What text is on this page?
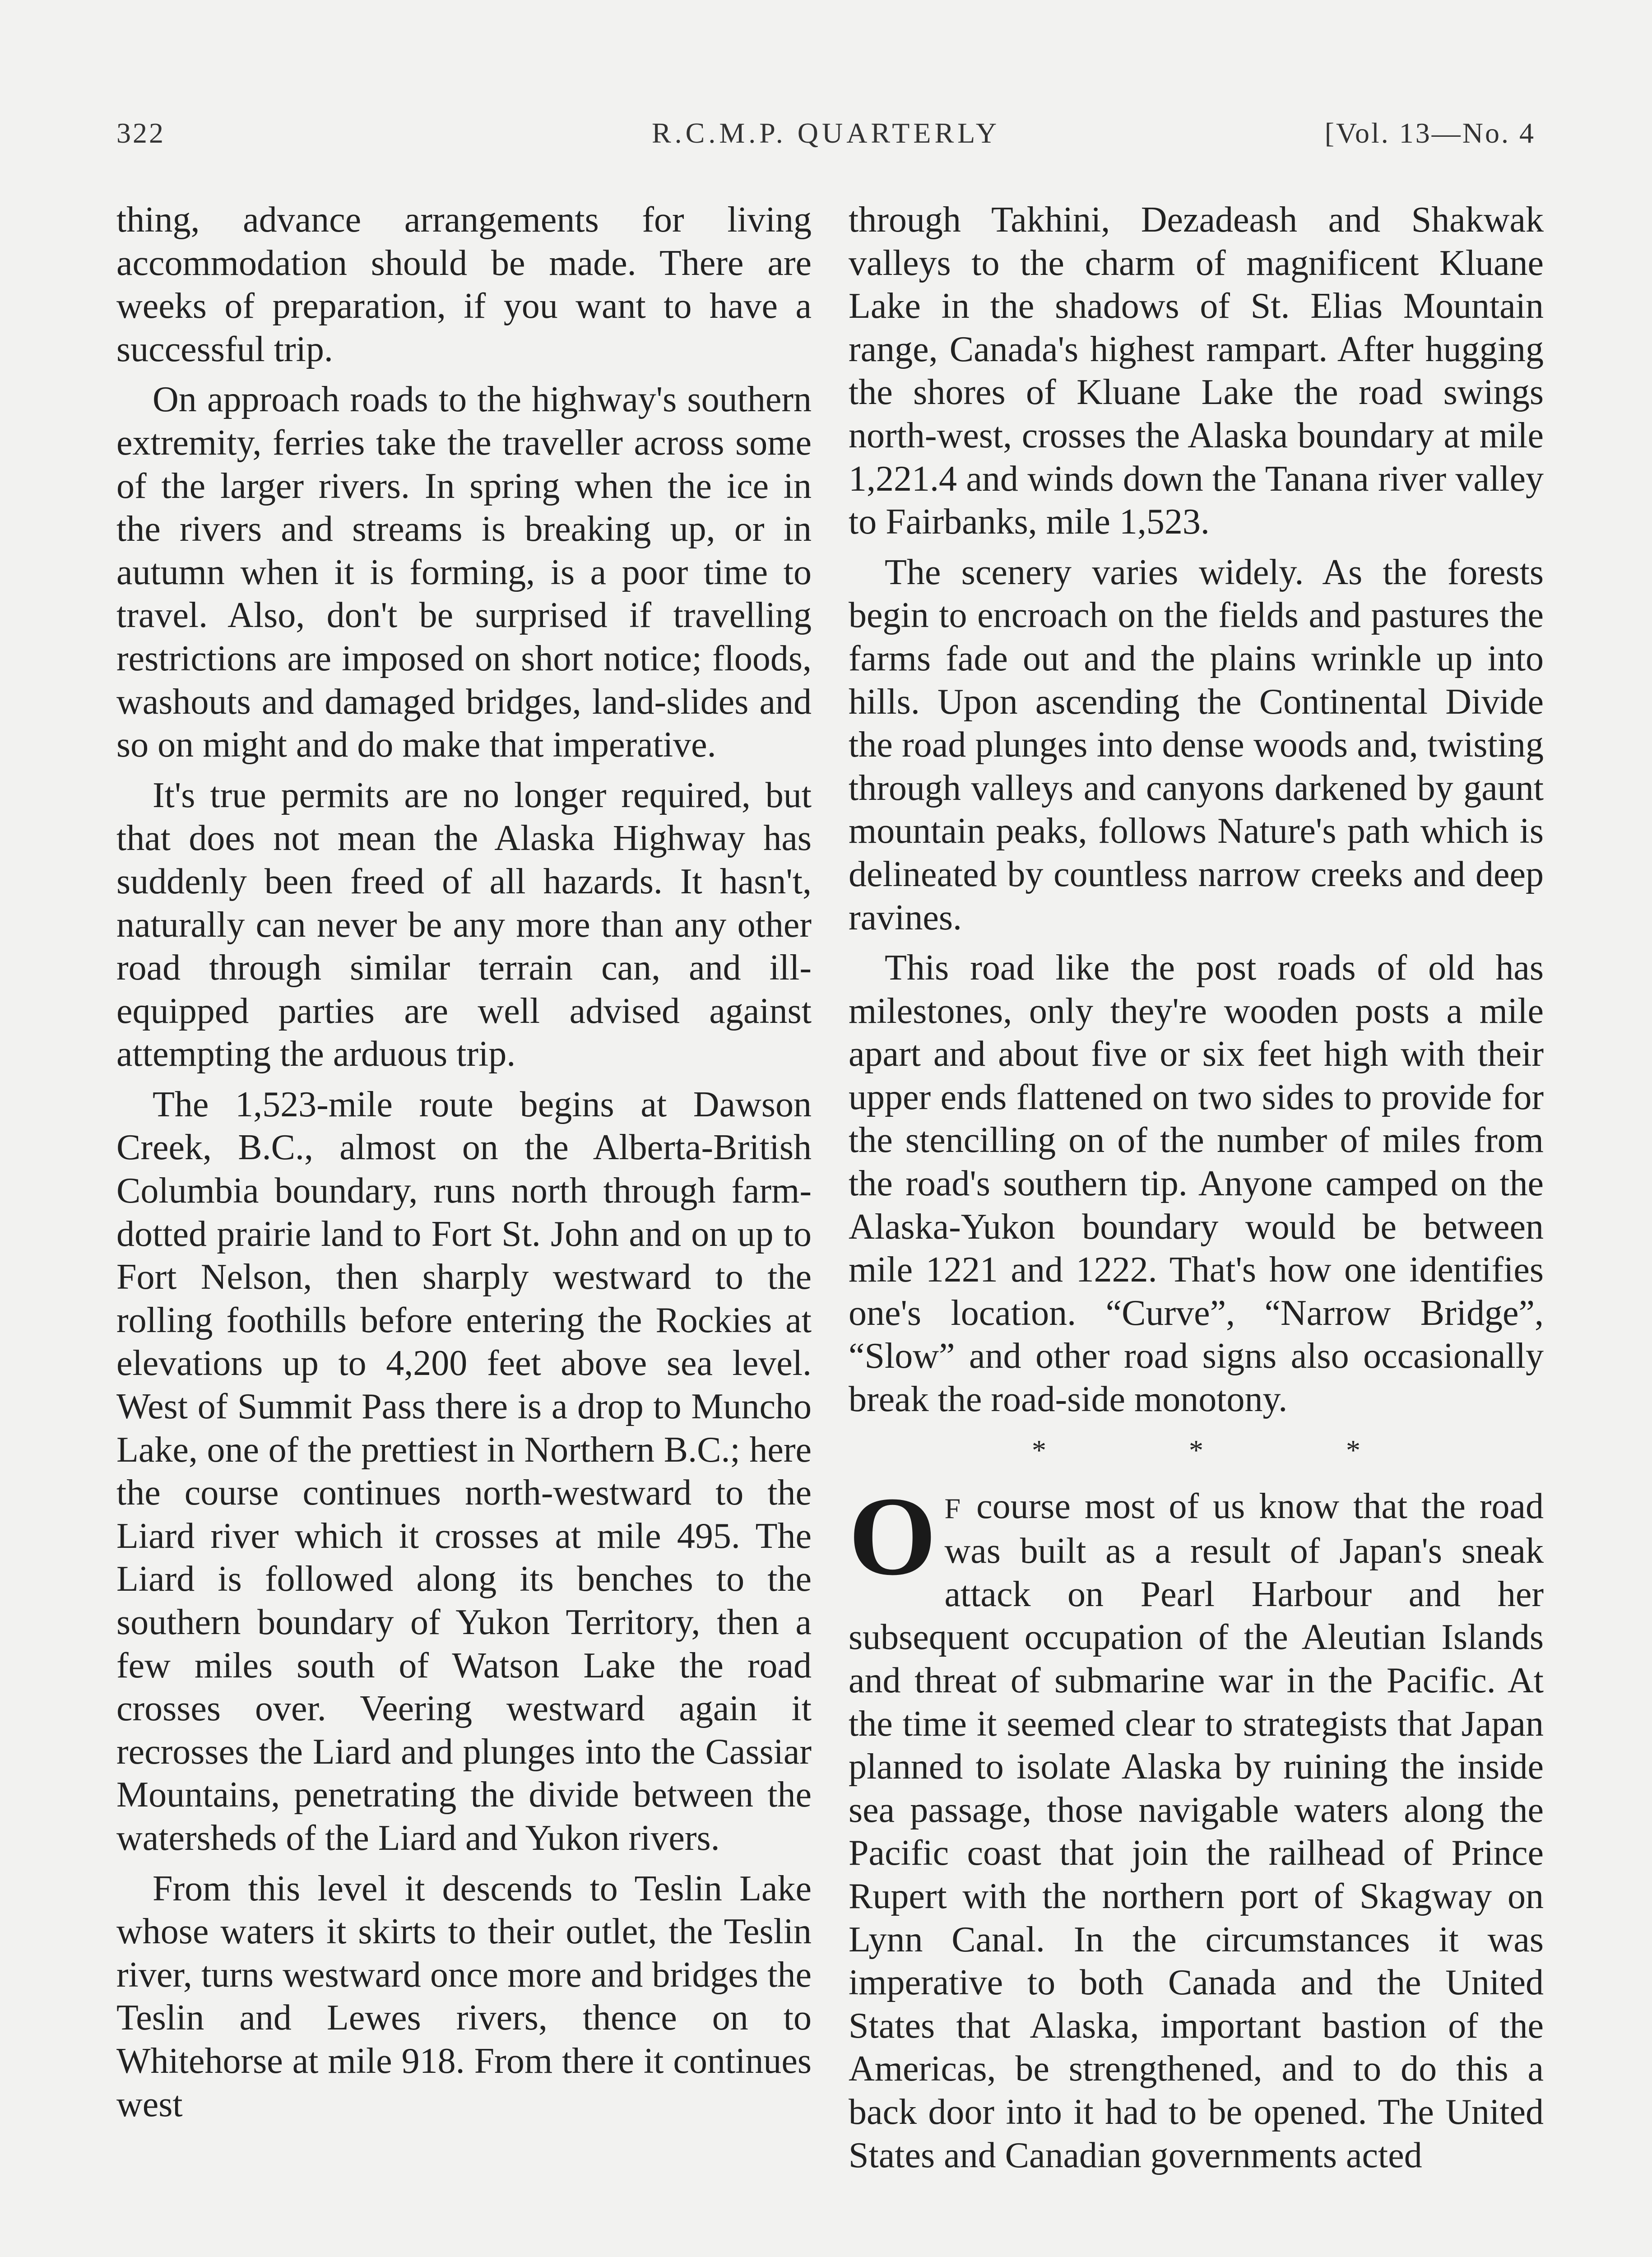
322	R.C.M.P. QUARTERLY	[Vol. 13—No. 4

thing, advance arrangements for living accommodation should be made. There are weeks of preparation, if you want to have a successful trip.

On approach roads to the highway's southern extremity, ferries take the traveller across some of the larger rivers. In spring when the ice in the rivers and streams is breaking up, or in autumn when it is forming, is a poor time to travel. Also, don't be surprised if travelling restrictions are imposed on short notice; floods, washouts and damaged bridges, land-slides and so on might and do make that imperative.

It's true permits are no longer required, but that does not mean the Alaska Highway has suddenly been freed of all hazards. It hasn't, naturally can never be any more than any other road through similar terrain can, and ill-equipped parties are well advised against attempting the arduous trip.

The 1,523-mile route begins at Dawson Creek, B.C., almost on the Alberta-British Columbia boundary, runs north through farm-dotted prairie land to Fort St. John and on up to Fort Nelson, then sharply westward to the rolling foothills before entering the Rockies at elevations up to 4,200 feet above sea level. West of Summit Pass there is a drop to Muncho Lake, one of the prettiest in Northern B.C.; here the course continues north-westward to the Liard river which it crosses at mile 495. The Liard is followed along its benches to the southern boundary of Yukon Territory, then a few miles south of Watson Lake the road crosses over. Veering westward again it recrosses the Liard and plunges into the Cassiar Mountains, penetrating the divide between the watersheds of the Liard and Yukon rivers.

From this level it descends to Teslin Lake whose waters it skirts to their outlet, the Teslin river, turns westward once more and bridges the Teslin and Lewes rivers, thence on to Whitehorse at mile 918. From there it continues west

through Takhini, Dezadeash and Shakwak valleys to the charm of magnificent Kluane Lake in the shadows of St. Elias Mountain range, Canada's highest rampart. After hugging the shores of Kluane Lake the road swings north-west, crosses the Alaska boundary at mile 1,221.4 and winds down the Tanana river valley to Fairbanks, mile 1,523.

The scenery varies widely. As the forests begin to encroach on the fields and pastures the farms fade out and the plains wrinkle up into hills. Upon ascending the Continental Divide the road plunges into dense woods and, twisting through valleys and canyons darkened by gaunt mountain peaks, follows Nature's path which is delineated by countless narrow creeks and deep ravines.

This road like the post roads of old has milestones, only they're wooden posts a mile apart and about five or six feet high with their upper ends flattened on two sides to provide for the stencilling on of the number of miles from the road's southern tip. Anyone camped on the Alaska-Yukon boundary would be between mile 1221 and 1222. That's how one identifies one's location. “Curve”, “Narrow Bridge”, “Slow” and other road signs also occasionally break the road-side monotony.

* * *

O F course most of us know that the road was built as a result of Japan's sneak attack on Pearl Harbour and her subsequent occupation of the Aleutian Islands and threat of submarine war in the Pacific. At the time it seemed clear to strategists that Japan planned to isolate Alaska by ruining the inside sea passage, those navigable waters along the Pacific coast that join the railhead of Prince Rupert with the northern port of Skagway on Lynn Canal. In the circumstances it was imperative to both Canada and the United States that Alaska, important bastion of the Americas, be strengthened, and to do this a back door into it had to be opened. The United States and Canadian governments acted
